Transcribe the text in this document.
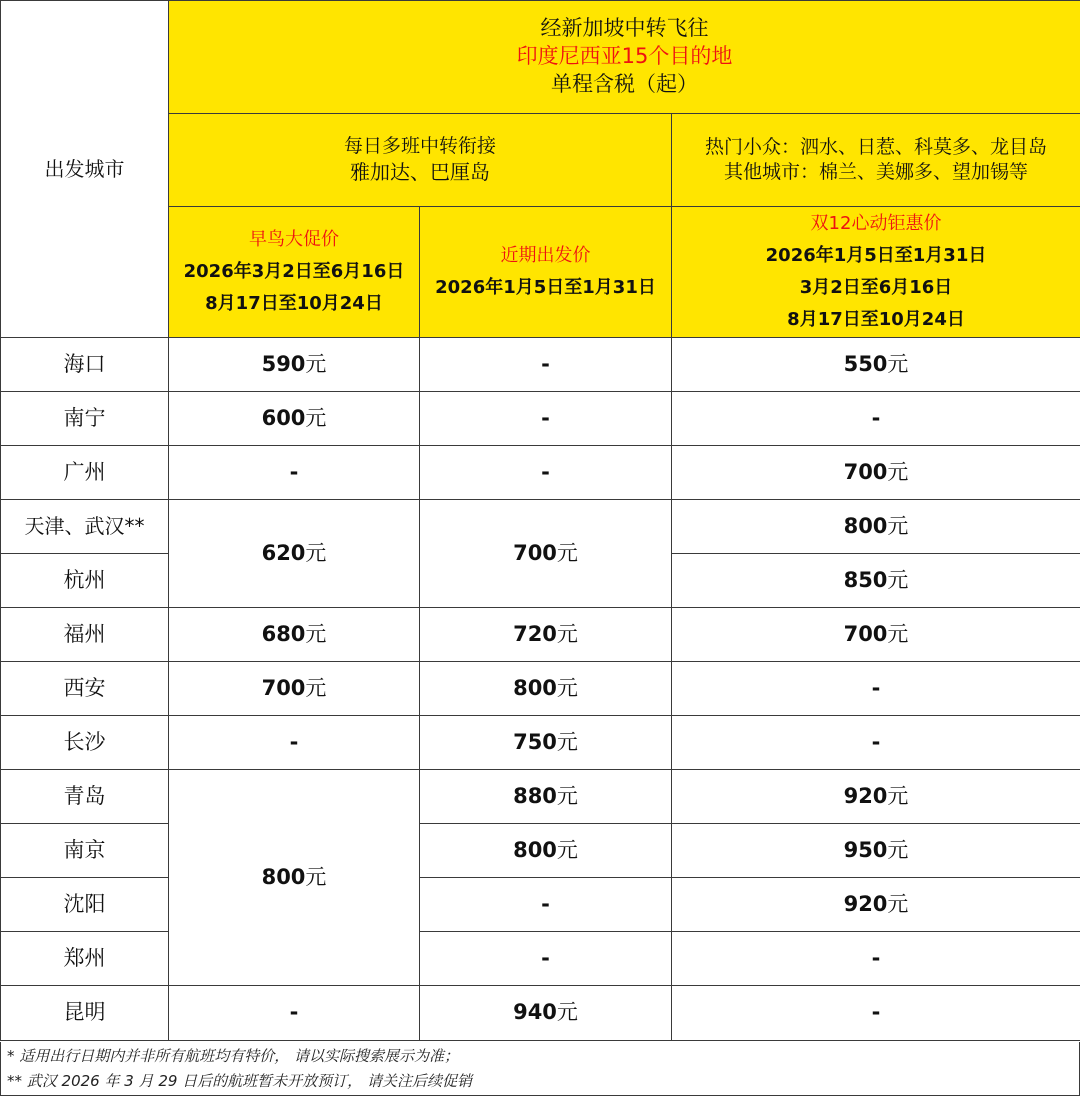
出发城市	经新加坡中转飞往
印度尼西亚15个目的地
单程含税（起）		

	每日多班中转衔接
雅加达、巴厘岛		热门小众：泗水、日惹、科莫多、龙目岛
其他城市：棉兰、美娜多、望加锡等

	早鸟大促价
2026年3月2日至6月16日
8月17日至10月24日	近期出发价
2026年1月5日至1月31日	双12心动钜惠价
2026年1月5日至1月31日
3月2日至6月16日
8月17日至10月24日

海口	590元	-	550元
南宁	600元	-	-
广州	-	-	700元
天津、武汉**	620元	700元	800元
杭州			850元
福州	680元	720元	700元
西安	700元	800元	-
长沙	-	750元	-
青岛	800元	880元	920元
南京		800元	950元
沈阳		-	920元
郑州		-	-
昆明	-	940元	-
* 适用出行日期内并非所有航班均有特价， 请以实际搜索展示为准；
** 武汉 2026 年 3 月 29 日后的航班暂未开放预订， 请关注后续促销
